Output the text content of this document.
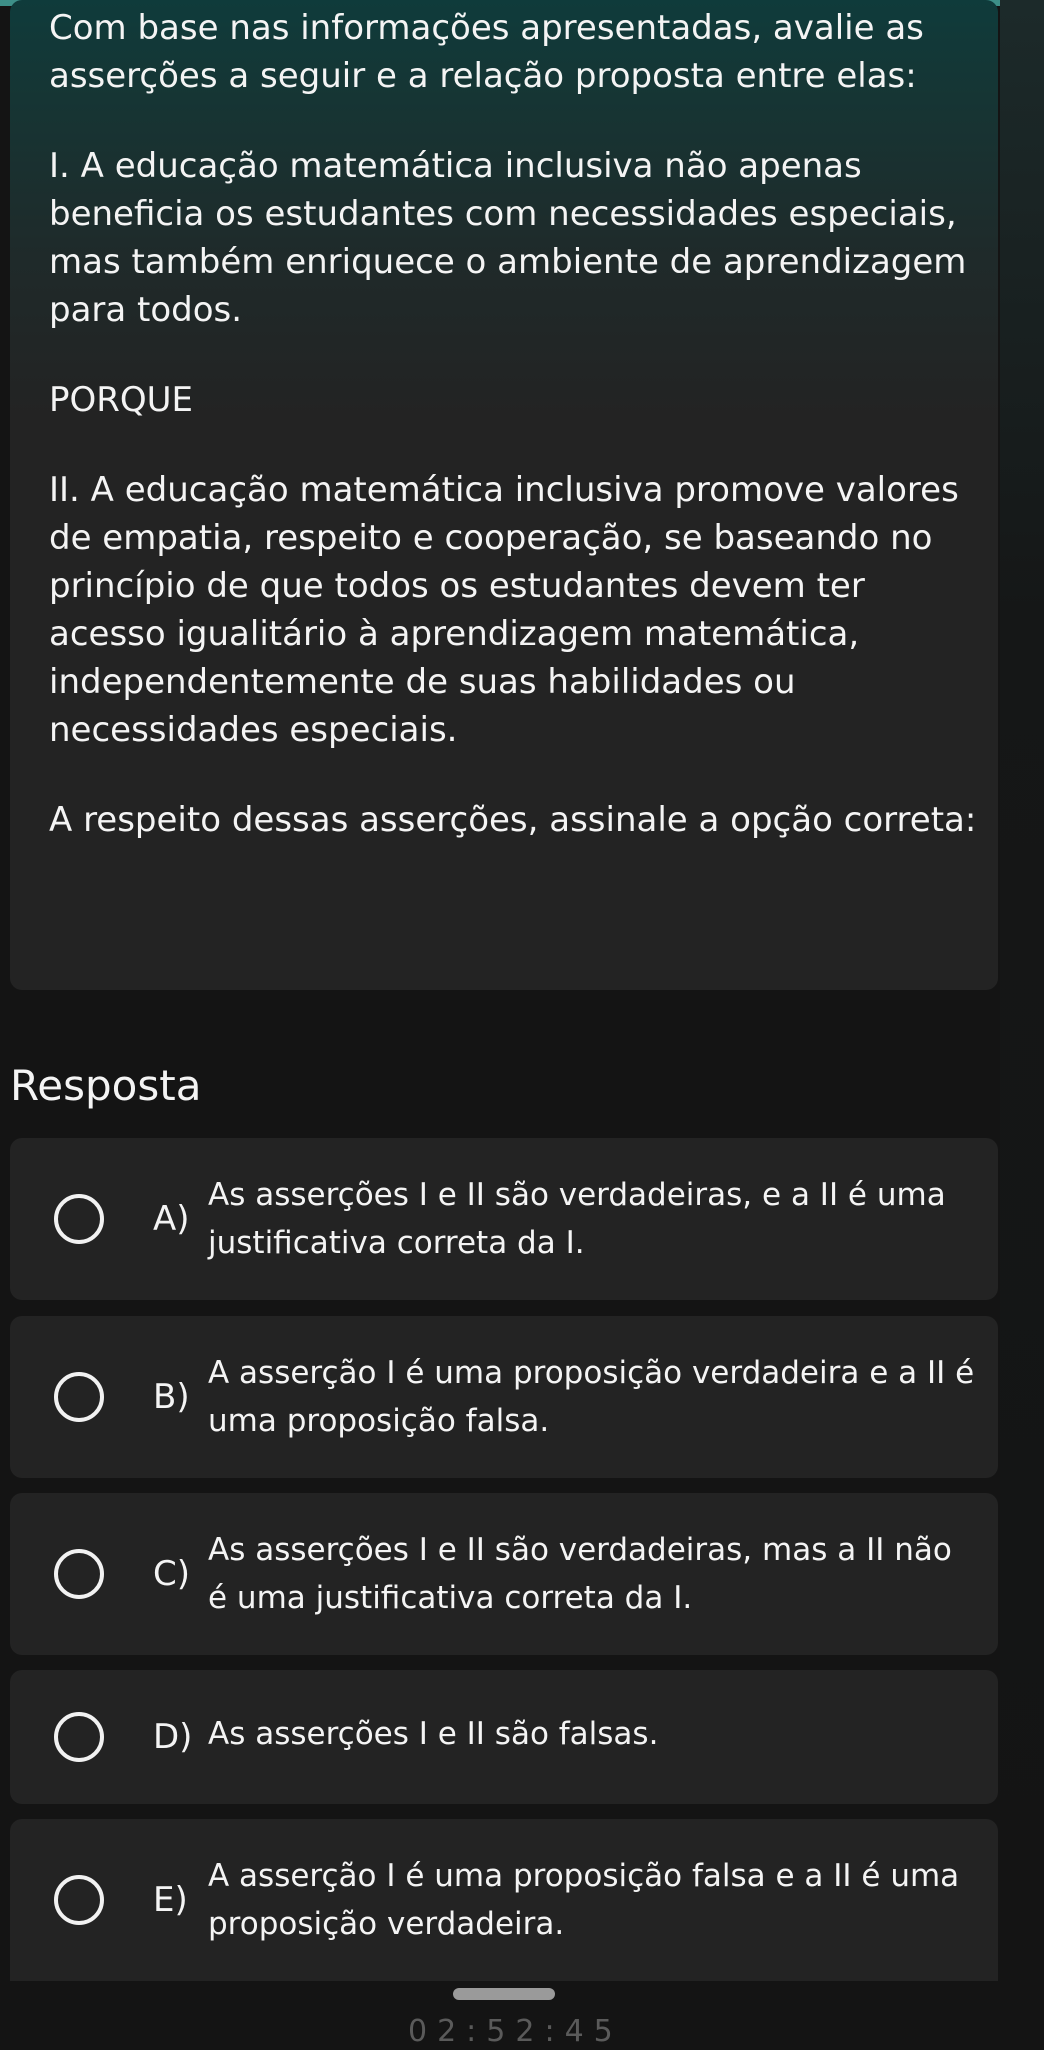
Com base nas informações apresentadas, avalie as asserções a seguir e a relação proposta entre elas:

I. A educação matemática inclusiva não apenas beneficia os estudantes com necessidades especiais, mas também enriquece o ambiente de aprendizagem para todos.

PORQUE

II. A educação matemática inclusiva promove valores de empatia, respeito e cooperação, se baseando no princípio de que todos os estudantes devem ter acesso igualitário à aprendizagem matemática, independentemente de suas habilidades ou necessidades especiais.

A respeito dessas asserções, assinale a opção correta:

Resposta
A)
As asserções I e II são verdadeiras, e a II é uma justificativa correta da I.
B)
A asserção I é uma proposição verdadeira e a II é uma proposição falsa.
C)
As asserções I e II são verdadeiras, mas a II não é uma justificativa correta da I.
D) As asserções I e II são falsas.
E)
A asserção I é uma proposição falsa e a II é uma proposição verdadeira.
02:52:45
